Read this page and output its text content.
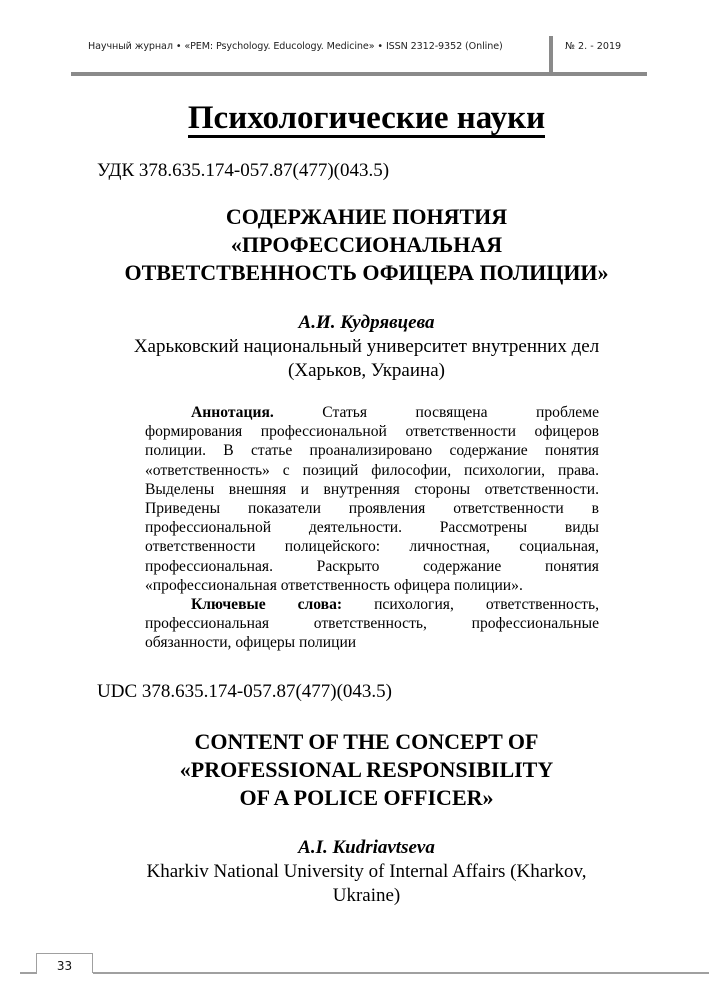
Научный журнал • «PEM: Psychology. Educology. Medicine» • ISSN 2312-9352 (Online)	№ 2. - 2019
Психологические науки
УДК 378.635.174-057.87(477)(043.5)
СОДЕРЖАНИЕ ПОНЯТИЯ
«ПРОФЕССИОНАЛЬНАЯ
ОТВЕТСТВЕННОСТЬ ОФИЦЕРА ПОЛИЦИИ»
А.И. Кудрявцева
Харьковский национальный университет внутренних дел
(Харьков, Украина)
Аннотация.	Статья посвящена проблеме
формирования профессиональной ответственности офицеров
полиции. В статье проанализировано содержание понятия
«ответственность» с позиций философии, психологии, права.
Выделены внешняя и внутренняя стороны ответственности.
Приведены показатели проявления ответственности в
профессиональной деятельности. Рассмотрены виды
ответственности полицейского: личностная, социальная,
профессиональная. Раскрыто содержание понятия
«профессиональная ответственность офицера полиции».
Ключевые слова: психология, ответственность,
профессиональная ответственность, профессиональные
обязанности, офицеры полиции
UDC 378.635.174-057.87(477)(043.5)
CONTENT OF THE CONCEPT OF
«PROFESSIONAL RESPONSIBILITY
OF A POLICE OFFICER»
A.I. Kudriavtseva
Kharkiv National University of Internal Affairs (Kharkov,
Ukraine)
33
